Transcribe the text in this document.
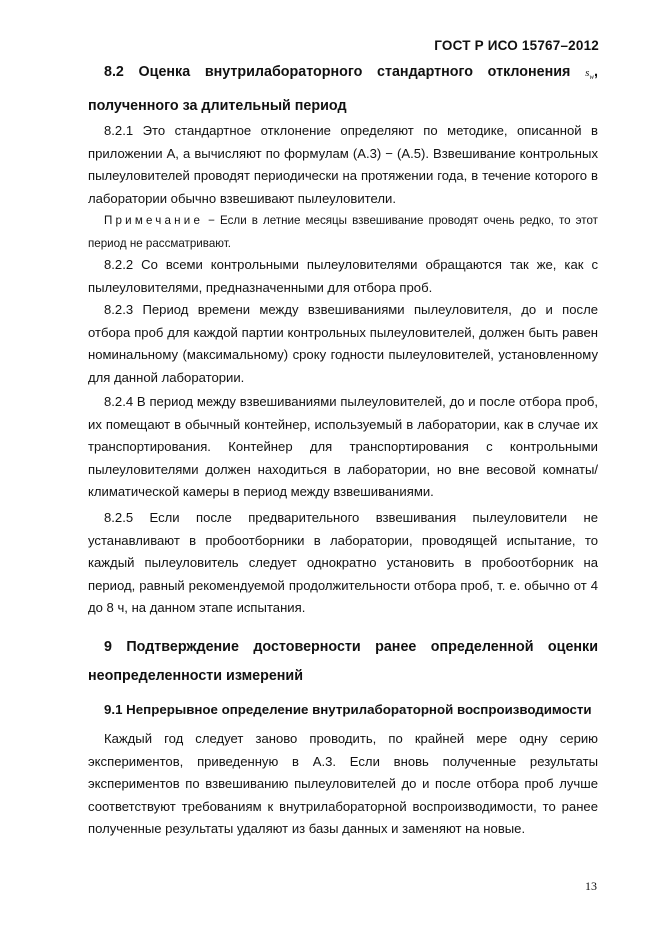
ГОСТ Р ИСО 15767–2012
8.2 Оценка внутрилабораторного стандартного отклонения $s_w$, полученного за длительный период
8.2.1 Это стандартное отклонение определяют по методике, описанной в приложении А, а вычисляют по формулам (А.3) − (А.5). Взвешивание контрольных пылеуловителей проводят периодически на протяжении года, в течение которого в лаборатории обычно взвешивают пылеуловители.
Примечание − Если в летние месяцы взвешивание проводят очень редко, то этот период не рассматривают.
8.2.2 Со всеми контрольными пылеуловителями обращаются так же, как с пылеуловителями, предназначенными для отбора проб.
8.2.3 Период времени между взвешиваниями пылеуловителя, до и после отбора проб для каждой партии контрольных пылеуловителей, должен быть равен номинальному (максимальному) сроку годности пылеуловителей, установленному для данной лаборатории.
8.2.4 В период между взвешиваниями пылеуловителей, до и после отбора проб, их помещают в обычный контейнер, используемый в лаборатории, как в случае их транспортирования. Контейнер для транспортирования с контрольными пылеуловителями должен находиться в лаборатории, но вне весовой комнаты/климатической камеры в период между взвешиваниями.
8.2.5 Если после предварительного взвешивания пылеуловители не устанавливают в пробоотборники в лаборатории, проводящей испытание, то каждый пылеуловитель следует однократно установить в пробоотборник на период, равный рекомендуемой продолжительности отбора проб, т. е. обычно от 4 до 8 ч, на данном этапе испытания.
9 Подтверждение достоверности ранее определенной оценки неопределенности измерений
9.1 Непрерывное определение внутрилабораторной воспроизводимости
Каждый год следует заново проводить, по крайней мере одну серию экспериментов, приведенную в А.3. Если вновь полученные результаты экспериментов по взвешиванию пылеуловителей до и после отбора проб лучше соответствуют требованиям к внутрилабораторной воспроизводимости, то ранее полученные результаты удаляют из базы данных и заменяют на новые.
13
